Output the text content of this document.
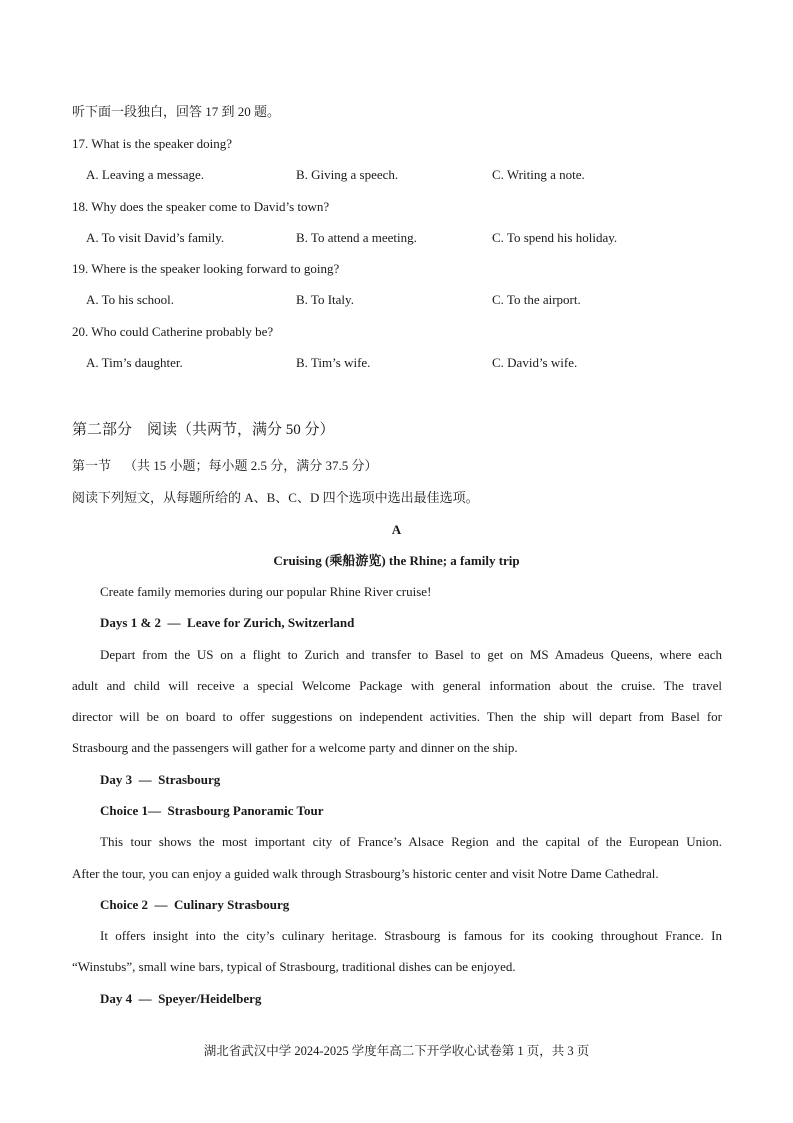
听下面一段独白，回答 17 到 20 题。
17. What is the speaker doing?
A. Leaving a message.	B. Giving a speech.	C. Writing a note.
18. Why does the speaker come to David’s town?
A. To visit David’s family.	B. To attend a meeting.	C. To spend his holiday.
19. Where is the speaker looking forward to going?
A. To his school.	B. To Italy.	C. To the airport.
20. Who could Catherine probably be?
A. Tim’s daughter.	B. Tim’s wife.	C. David’s wife.
第二部分    阅读（共两节，满分 50 分）
第一节    （共 15 小题；每小题 2.5 分，满分 37.5 分）
阅读下列短文，从每题所给的 A、B、C、D 四个选项中选出最佳选项。
A
Cruising (乘船游览) the Rhine; a family trip
Create family memories during our popular Rhine River cruise!
Days 1 & 2  —  Leave for Zurich, Switzerland
Depart from the US on a flight to Zurich and transfer to Basel to get on MS Amadeus Queens, where each
adult and child will receive a special Welcome Package with general information about the cruise. The travel
director will be on board to offer suggestions on independent activities. Then the ship will depart from Basel for
Strasbourg and the passengers will gather for a welcome party and dinner on the ship.
Day 3  —  Strasbourg
Choice 1—  Strasbourg Panoramic Tour
This tour shows the most important city of France’s Alsace Region and the capital of the European Union.
After the tour, you can enjoy a guided walk through Strasbourg’s historic center and visit Notre Dame Cathedral.
Choice 2  —  Culinary Strasbourg
It offers insight into the city’s culinary heritage. Strasbourg is famous for its cooking throughout France. In
“Winstubs”, small wine bars, typical of Strasbourg, traditional dishes can be enjoyed.
Day 4  —  Speyer/Heidelberg
湖北省武汉中学 2024-2025 学度年高二下开学收心试卷第 1 页，共 3 页
